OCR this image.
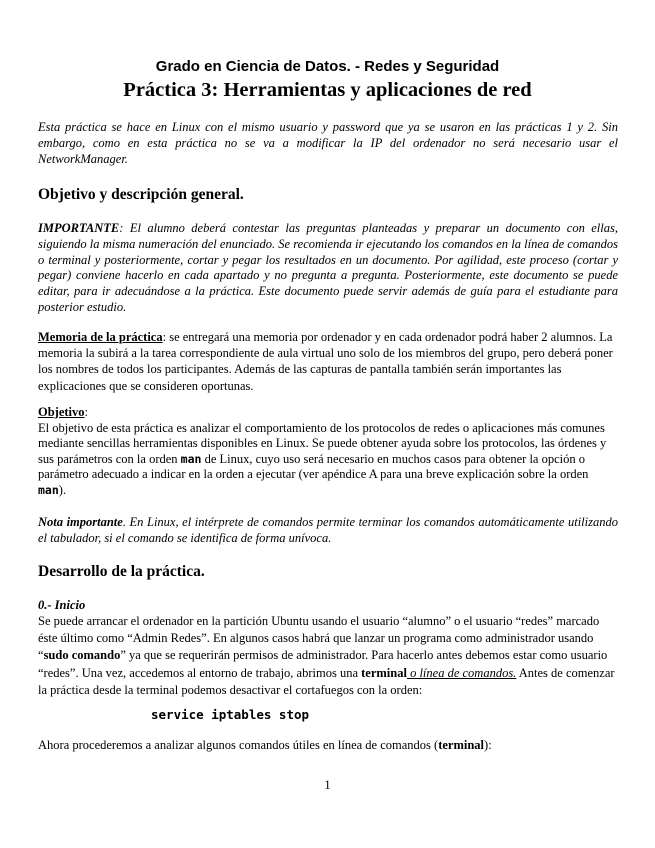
Grado en Ciencia de Datos. - Redes y Seguridad
Práctica 3: Herramientas y aplicaciones de red
Esta práctica se hace en Linux con el mismo usuario y password que ya se usaron en las prácticas 1 y 2. Sin embargo, como en esta práctica no se va a modificar la IP del ordenador no será necesario usar el NetworkManager.
Objetivo y descripción general.
IMPORTANTE: El alumno deberá contestar las preguntas planteadas y preparar un documento con ellas, siguiendo la misma numeración del enunciado. Se recomienda ir ejecutando los comandos en la línea de comandos o terminal y posteriormente, cortar y pegar los resultados en un documento. Por agilidad, este proceso (cortar y pegar) conviene hacerlo en cada apartado y no pregunta a pregunta. Posteriormente, este documento se puede editar, para ir adecuándose a la práctica. Este documento puede servir además de guía para el estudiante para posterior estudio.
Memoria de la práctica: se entregará una memoria por ordenador y en cada ordenador podrá haber 2 alumnos. La memoria la subirá a la tarea correspondiente de aula virtual uno solo de los miembros del grupo, pero deberá poner los nombres de todos los participantes. Además de las capturas de pantalla también serán importantes las explicaciones que se consideren oportunas.
Objetivo:
El objetivo de esta práctica es analizar el comportamiento de los protocolos de redes o aplicaciones más comunes mediante sencillas herramientas disponibles en Linux. Se puede obtener ayuda sobre los protocolos, las órdenes y sus parámetros con la orden man de Linux, cuyo uso será necesario en muchos casos para obtener la opción o parámetro adecuado a indicar en la orden a ejecutar (ver apéndice A para una breve explicación sobre la orden man).
Nota importante. En Linux, el intérprete de comandos permite terminar los comandos automáticamente utilizando el tabulador, si el comando se identifica de forma unívoca.
Desarrollo de la práctica.
0.- Inicio
Se puede arrancar el ordenador en la partición Ubuntu usando el usuario “alumno” o el usuario “redes” marcado éste último como “Admin Redes”. En algunos casos habrá que lanzar un programa como administrador usando “sudo comando” ya que se requerirán permisos de administrador. Para hacerlo antes debemos estar como usuario “redes”. Una vez, accedemos al entorno de trabajo, abrimos una terminal o línea de comandos. Antes de comenzar la práctica desde la terminal podemos desactivar el cortafuegos con la orden:
service iptables stop
Ahora procederemos a analizar algunos comandos útiles en línea de comandos (terminal):
1
